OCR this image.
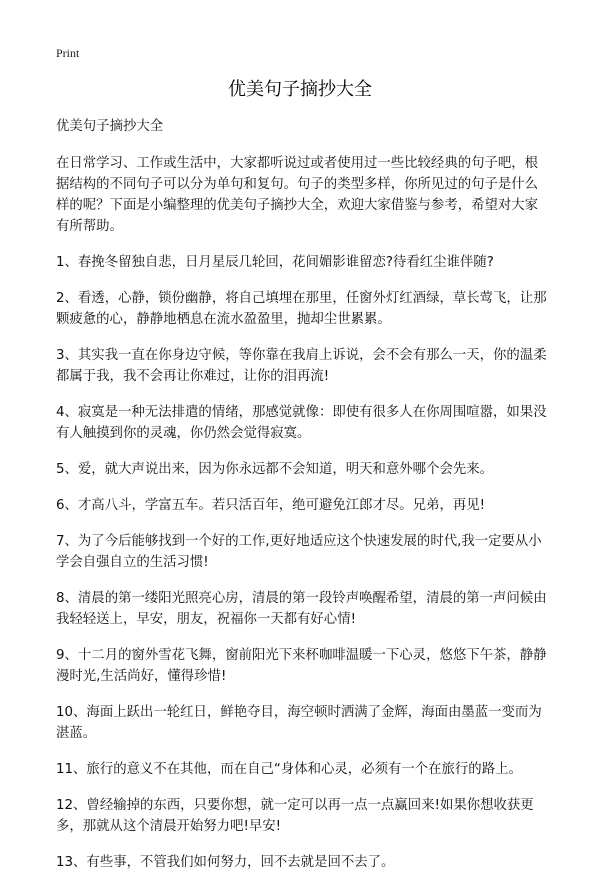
Print
优美句子摘抄大全

优美句子摘抄大全

在日常学习、工作或生活中，大家都听说过或者使用过一些比较经典的句子吧，根据结构的不同句子可以分为单句和复句。句子的类型多样，你所见过的句子是什么样的呢？下面是小编整理的优美句子摘抄大全，欢迎大家借鉴与参考，希望对大家有所帮助。

1、春挽冬留独自悲，日月星辰几轮回，花间媚影谁留恋?待看红尘谁伴随?

2、看透，心静，锁份幽静，将自己填埋在那里，任窗外灯红酒绿，草长莺飞，让那颗疲惫的心，静静地栖息在流水盈盈里，抛却尘世累累。

3、其实我一直在你身边守候，等你靠在我肩上诉说，会不会有那么一天，你的温柔都属于我，我不会再让你难过，让你的泪再流!

4、寂寞是一种无法排遣的情绪，那感觉就像：即使有很多人在你周围喧嚣，如果没有人触摸到你的灵魂，你仍然会觉得寂寞。

5、爱，就大声说出来，因为你永远都不会知道，明天和意外哪个会先来。

6、才高八斗，学富五车。若只活百年，绝可避免江郎才尽。兄弟，再见!

7、为了今后能够找到一个好的工作,更好地适应这个快速发展的时代,我一定要从小学会自强自立的生活习惯!

8、清晨的第一缕阳光照亮心房，清晨的第一段铃声唤醒希望，清晨的第一声问候由我轻轻送上，早安，朋友，祝福你一天都有好心情!

9、十二月的窗外雪花飞舞，窗前阳光下来杯咖啡温暖一下心灵，悠悠下午茶，静静漫时光,生活尚好，懂得珍惜!

10、海面上跃出一轮红日，鲜艳夺目，海空顿时洒满了金辉，海面由墨蓝一变而为湛蓝。

11、旅行的意义不在其他，而在自己“身体和心灵，必须有一个在旅行的路上。

12、曾经输掉的东西，只要你想，就一定可以再一点一点赢回来!如果你想收获更多，那就从这个清晨开始努力吧!早安!

13、有些事，不管我们如何努力，回不去就是回不去了。
